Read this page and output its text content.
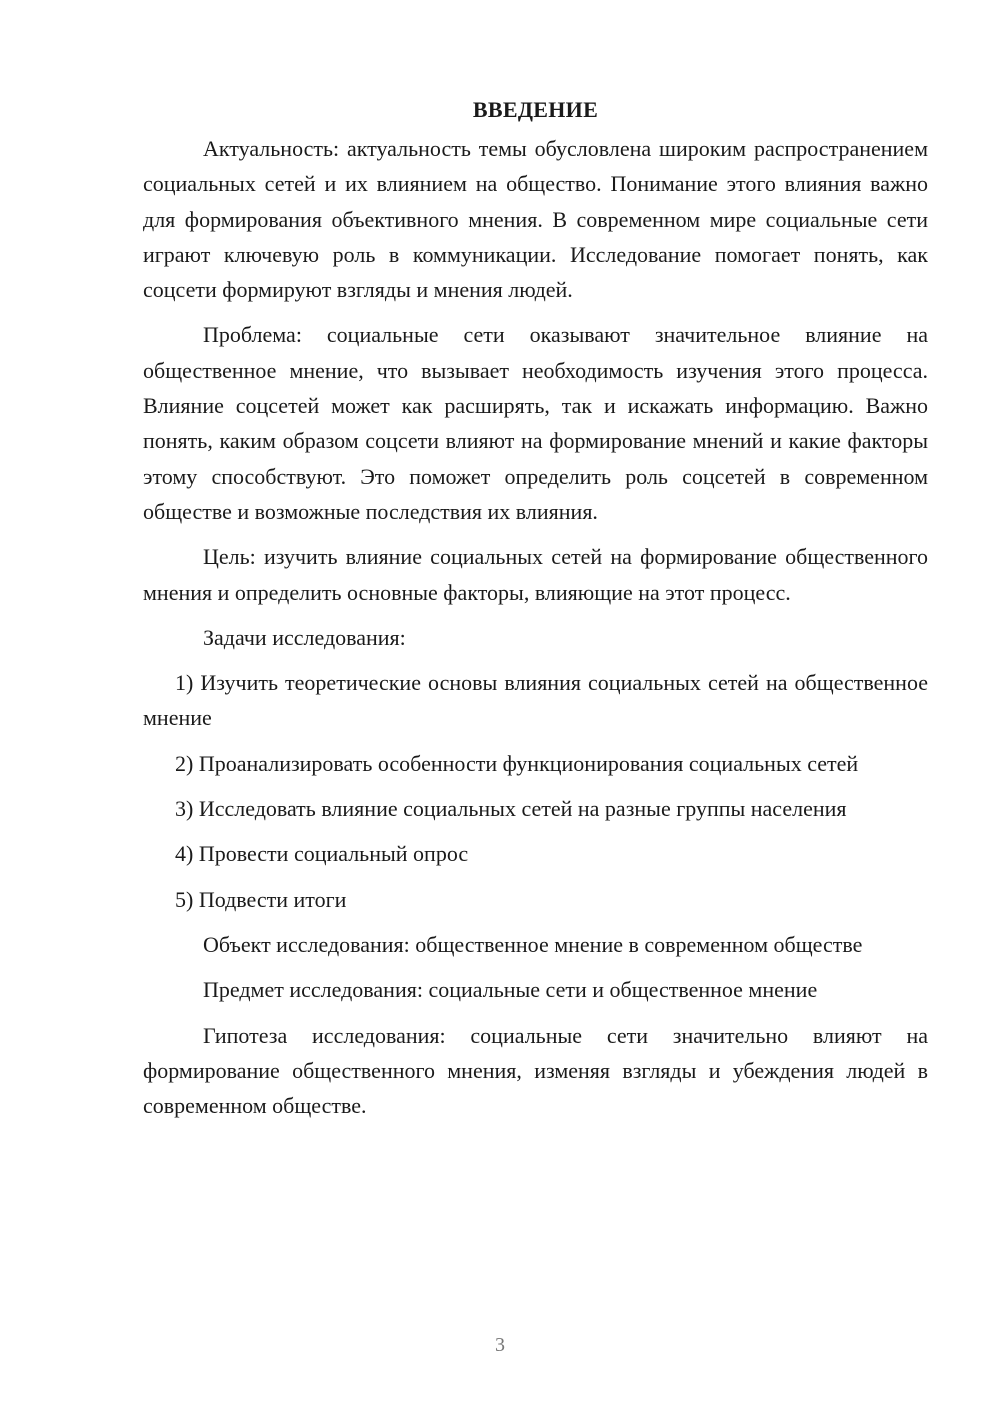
ВВЕДЕНИЕ

Актуальность: актуальность темы обусловлена широким распространением социальных сетей и их влиянием на общество. Понимание этого влияния важно для формирования объективного мнения. В современном мире социальные сети играют ключевую роль в коммуникации. Исследование помогает понять, как соцсети формируют взгляды и мнения людей.

Проблема: социальные сети оказывают значительное влияние на общественное мнение, что вызывает необходимость изучения этого процесса. Влияние соцсетей может как расширять, так и искажать информацию. Важно понять, каким образом соцсети влияют на формирование мнений и какие факторы этому способствуют. Это поможет определить роль соцсетей в современном обществе и возможные последствия их влияния.

Цель: изучить влияние социальных сетей на формирование общественного мнения и определить основные факторы, влияющие на этот процесс.

Задачи исследования:

1) Изучить теоретические основы влияния социальных сетей на общественное мнение

2) Проанализировать особенности функционирования социальных сетей

3) Исследовать влияние социальных сетей на разные группы населения

4) Провести социальный опрос

5) Подвести итоги

Объект исследования: общественное мнение в современном обществе

Предмет исследования: социальные сети и общественное мнение

Гипотеза исследования: социальные сети значительно влияют на формирование общественного мнения, изменяя взгляды и убеждения людей в современном обществе.

3
